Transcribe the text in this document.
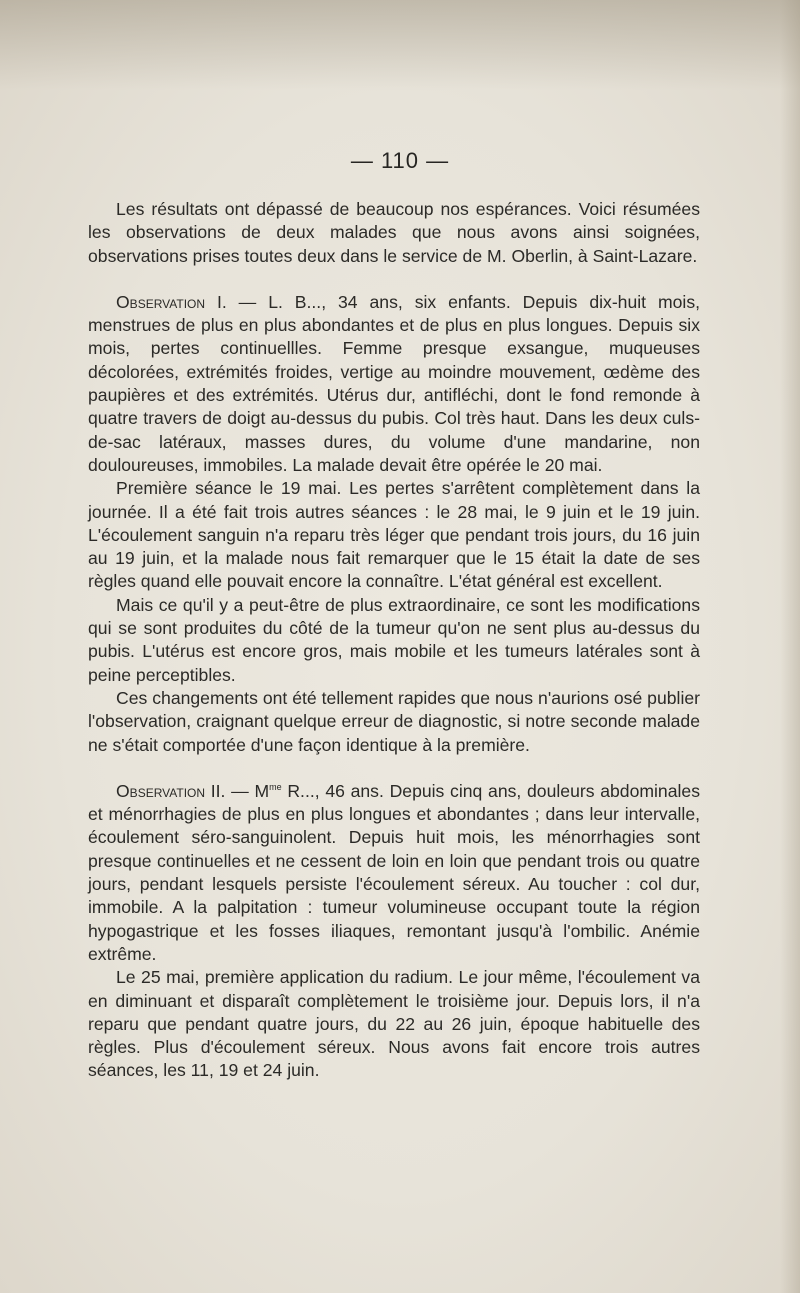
— 110 —

Les résultats ont dépassé de beaucoup nos espérances. Voici résumées les observations de deux malades que nous avons ainsi soignées, observations prises toutes deux dans le service de M. Oberlin, à Saint-Lazare.

Observation I. — L. B..., 34 ans, six enfants. Depuis dix-huit mois, menstrues de plus en plus abondantes et de plus en plus longues. Depuis six mois, pertes continuellles. Femme presque exsangue, muqueuses décolorées, extrémités froides, vertige au moindre mouvement, œdème des paupières et des extrémités. Utérus dur, antifléchi, dont le fond remonde à quatre travers de doigt au-dessus du pubis. Col très haut. Dans les deux culs-de-sac latéraux, masses dures, du volume d'une mandarine, non douloureuses, immobiles. La malade devait être opérée le 20 mai.

Première séance le 19 mai. Les pertes s'arrêtent complètement dans la journée. Il a été fait trois autres séances : le 28 mai, le 9 juin et le 19 juin. L'écoulement sanguin n'a reparu très léger que pendant trois jours, du 16 juin au 19 juin, et la malade nous fait remarquer que le 15 était la date de ses règles quand elle pouvait encore la connaître. L'état général est excellent.

Mais ce qu'il y a peut-être de plus extraordinaire, ce sont les modifications qui se sont produites du côté de la tumeur qu'on ne sent plus au-dessus du pubis. L'utérus est encore gros, mais mobile et les tumeurs latérales sont à peine perceptibles.

Ces changements ont été tellement rapides que nous n'aurions osé publier l'observation, craignant quelque erreur de diagnostic, si notre seconde malade ne s'était comportée d'une façon identique à la première.

Observation II. — $M^{me}$ R..., 46 ans. Depuis cinq ans, douleurs abdominales et ménorrhagies de plus en plus longues et abondantes ; dans leur intervalle, écoulement séro-sanguinolent. Depuis huit mois, les ménorrhagies sont presque continuelles et ne cessent de loin en loin que pendant trois ou quatre jours, pendant lesquels persiste l'écoulement séreux. Au toucher : col dur, immobile. A la palpitation : tumeur volumineuse occupant toute la région hypogastrique et les fosses iliaques, remontant jusqu'à l'ombilic. Anémie extrême.

Le 25 mai, première application du radium. Le jour même, l'écoulement va en diminuant et disparaît complètement le troisième jour. Depuis lors, il n'a reparu que pendant quatre jours, du 22 au 26 juin, époque habituelle des règles. Plus d'écoulement séreux. Nous avons fait encore trois autres séances, les 11, 19 et 24 juin.
